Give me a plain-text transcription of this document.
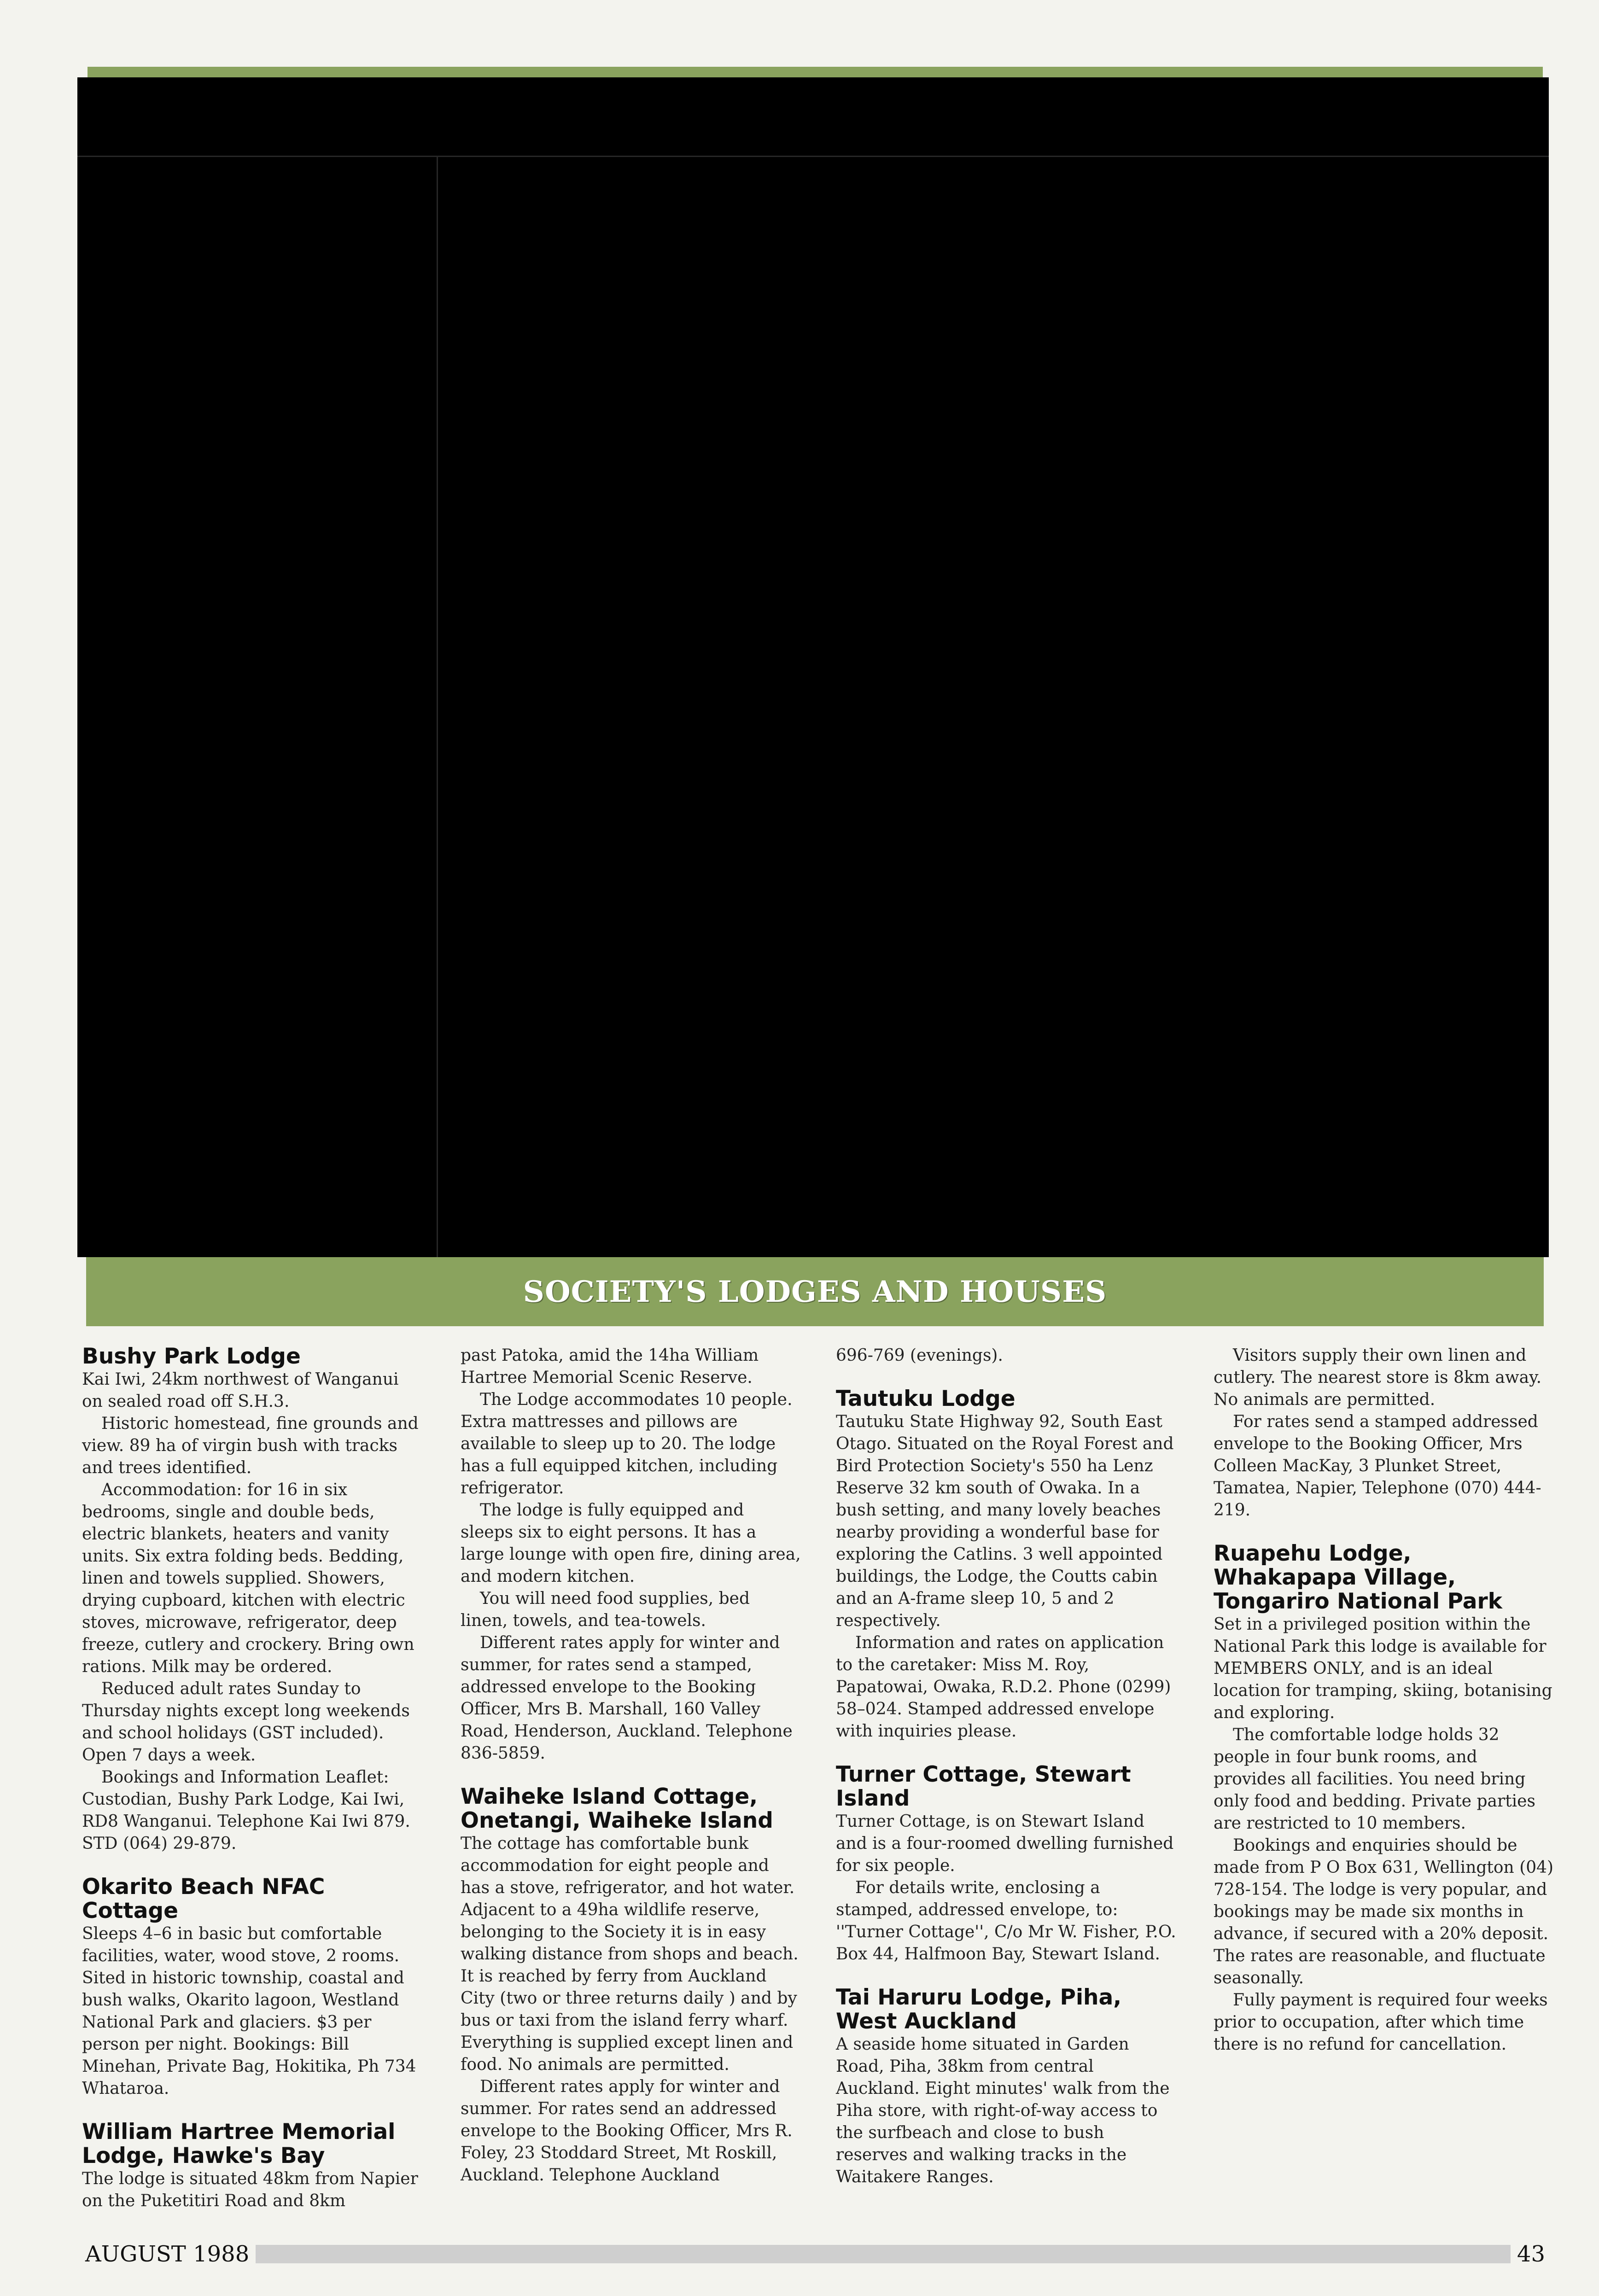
SOCIETY'S LODGES AND HOUSES
Bushy Park Lodge

Kai Iwi, 24km northwest of Wanganui on sealed road off S.H.3.

Historic homestead, fine grounds and view. 89 ha of virgin bush with tracks and trees identified.

Accommodation: for 16 in six bedrooms, single and double beds, electric blankets, heaters and vanity units. Six extra folding beds. Bedding, linen and towels supplied. Showers, drying cupboard, kitchen with electric stoves, microwave, refrigerator, deep freeze, cutlery and crockery. Bring own rations. Milk may be ordered.

Reduced adult rates Sunday to Thursday nights except long weekends and school holidays (GST included). Open 7 days a week.

Bookings and Information Leaflet: Custodian, Bushy Park Lodge, Kai Iwi, RD8 Wanganui. Telephone Kai Iwi 879. STD (064) 29-879.

Okarito Beach NFAC Cottage

Sleeps 4–6 in basic but comfortable facilities, water, wood stove, 2 rooms. Sited in historic township, coastal and bush walks, Okarito lagoon, Westland National Park and glaciers. $3 per person per night. Bookings: Bill Minehan, Private Bag, Hokitika, Ph 734 Whataroa.

William Hartree Memorial Lodge, Hawke's Bay

The lodge is situated 48km from Napier on the Puketitiri Road and 8km

past Patoka, amid the 14ha William Hartree Memorial Scenic Reserve.

The Lodge accommodates 10 people. Extra mattresses and pillows are available to sleep up to 20. The lodge has a full equipped kitchen, including refrigerator.

The lodge is fully equipped and sleeps six to eight persons. It has a large lounge with open fire, dining area, and modern kitchen.

You will need food supplies, bed linen, towels, and tea-towels.

Different rates apply for winter and summer, for rates send a stamped, addressed envelope to the Booking Officer, Mrs B. Marshall, 160 Valley Road, Henderson, Auckland. Telephone 836-5859.

Waiheke Island Cottage, Onetangi, Waiheke Island

The cottage has comfortable bunk accommodation for eight people and has a stove, refrigerator, and hot water. Adjacent to a 49ha wildlife reserve, belonging to the Society it is in easy walking distance from shops and beach. It is reached by ferry from Auckland City (two or three returns daily ) and by bus or taxi from the island ferry wharf. Everything is supplied except linen and food. No animals are permitted.

Different rates apply for winter and summer. For rates send an addressed envelope to the Booking Officer, Mrs R. Foley, 23 Stoddard Street, Mt Roskill, Auckland. Telephone Auckland

696-769 (evenings).

Tautuku Lodge

Tautuku State Highway 92, South East Otago. Situated on the Royal Forest and Bird Protection Society's 550 ha Lenz Reserve 32 km south of Owaka. In a bush setting, and many lovely beaches nearby providing a wonderful base for exploring the Catlins. 3 well appointed buildings, the Lodge, the Coutts cabin and an A-frame sleep 10, 5 and 2 respectively.

Information and rates on application to the caretaker: Miss M. Roy, Papatowai, Owaka, R.D.2. Phone (0299) 58–024. Stamped addressed envelope with inquiries please.

Turner Cottage, Stewart Island

Turner Cottage, is on Stewart Island and is a four-roomed dwelling furnished for six people.

For details write, enclosing a stamped, addressed envelope, to: ''Turner Cottage'', C/o Mr W. Fisher, P.O. Box 44, Halfmoon Bay, Stewart Island.

Tai Haruru Lodge, Piha, West Auckland

A seaside home situated in Garden Road, Piha, 38km from central Auckland. Eight minutes' walk from the Piha store, with right-of-way access to the surfbeach and close to bush reserves and walking tracks in the Waitakere Ranges.

Visitors supply their own linen and cutlery. The nearest store is 8km away. No animals are permitted.

For rates send a stamped addressed envelope to the Booking Officer, Mrs Colleen MacKay, 3 Plunket Street, Tamatea, Napier, Telephone (070) 444-219.

Ruapehu Lodge, Whakapapa Village, Tongariro National Park

Set in a privileged position within the National Park this lodge is available for MEMBERS ONLY, and is an ideal location for tramping, skiing, botanising and exploring.

The comfortable lodge holds 32 people in four bunk rooms, and provides all facilities. You need bring only food and bedding. Private parties are restricted to 10 members.

Bookings and enquiries should be made from P O Box 631, Wellington (04) 728-154. The lodge is very popular, and bookings may be made six months in advance, if secured with a 20% deposit. The rates are reasonable, and fluctuate seasonally.

Fully payment is required four weeks prior to occupation, after which time there is no refund for cancellation.

AUGUST 1988	43
